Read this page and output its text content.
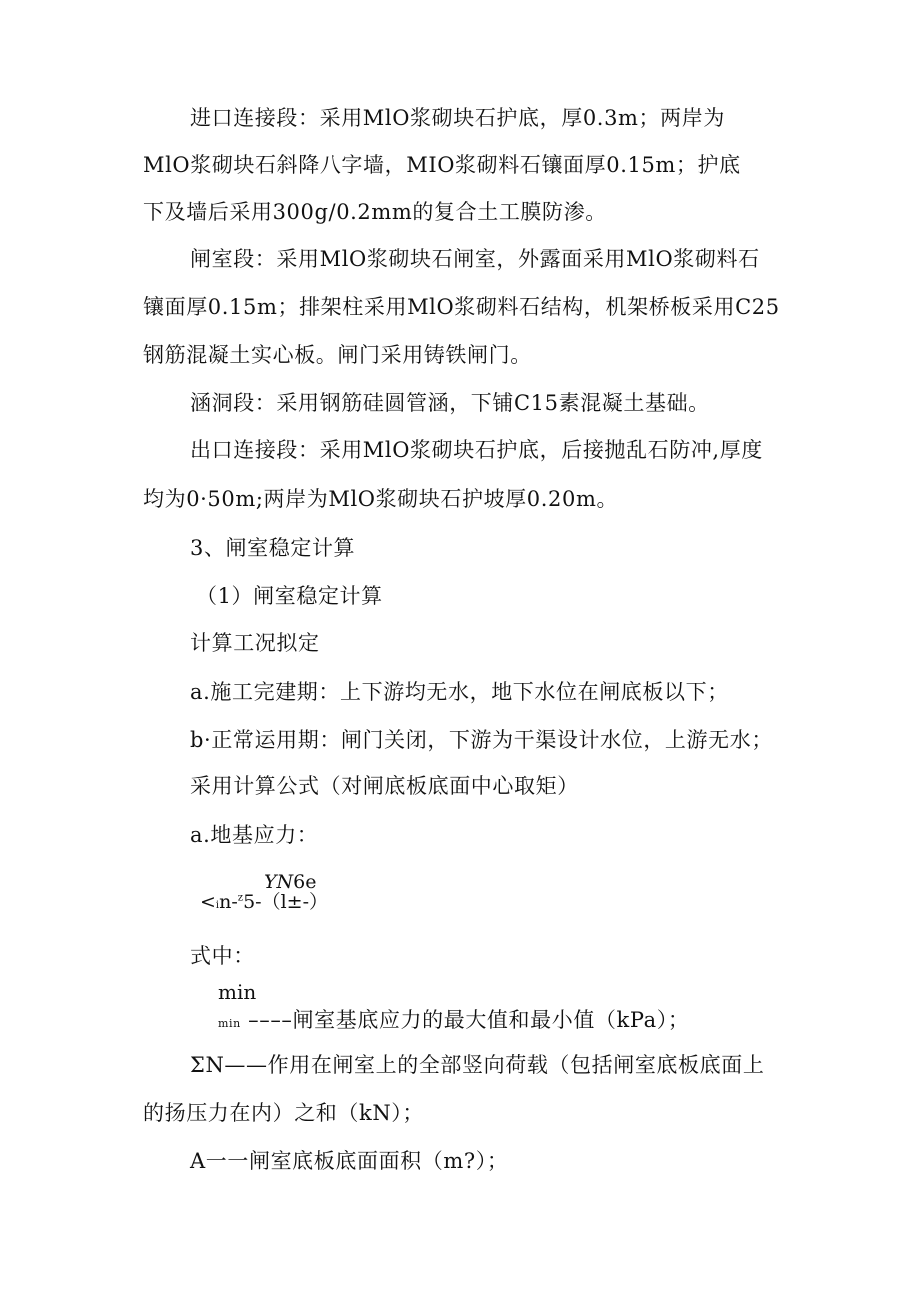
进口连接段：采用MlO浆砌块石护底，厚0.3m；两岸为
MlO浆砌块石斜降八字墙，MIO浆砌料石镶面厚0.15m；护底
下及墙后采用300g/0.2mm的复合土工膜防渗。
闸室段：采用MlO浆砌块石闸室，外露面采用MlO浆砌料石
镶面厚0.15m；排架柱采用MlO浆砌料石结构，机架桥板采用C25
钢筋混凝土实心板。闸门采用铸铁闸门。
涵洞段：采用钢筋硅圆管涵，下铺C15素混凝土基础。
出口连接段：采用MlO浆砌块石护底，后接抛乱石防冲,厚度
均为0·50m;两岸为MlO浆砌块石护坡厚0.20m。
3、闸室稳定计算
（1）闸室稳定计算
计算工况拟定
a.施工完建期：上下游均无水，地下水位在闸底板以下；
b·正常运用期：闸门关闭，下游为干渠设计水位，上游无水；
采用计算公式（对闸底板底面中心取矩）
a.地基应力：
YN6e
<in-$^z$5-（l±-）
式中：
min
min ––––闸室基底应力的最大值和最小值（kPa）；
ΣN——作用在闸室上的全部竖向荷载（包括闸室底板底面上
的扬压力在内）之和（kN）；
A一一闸室底板底面面积（m?）；
